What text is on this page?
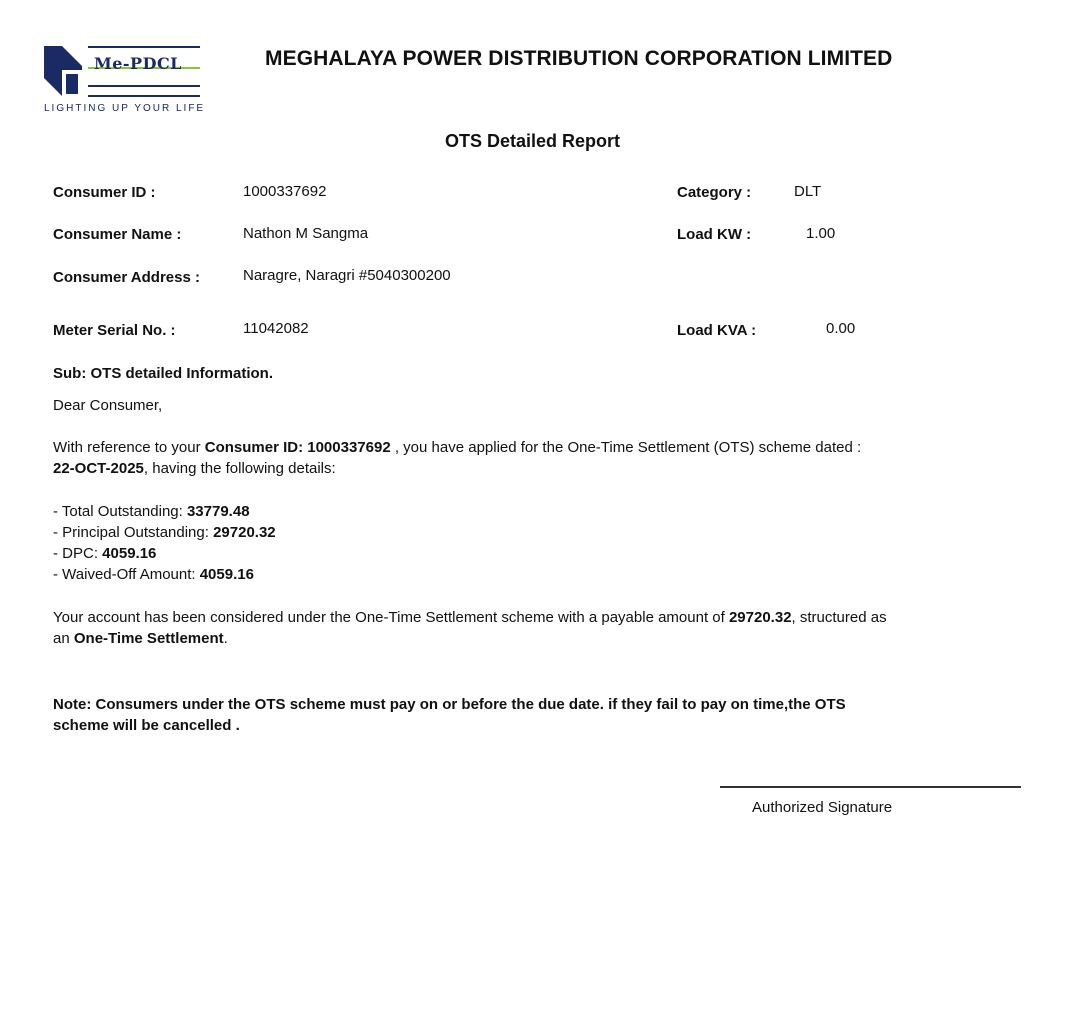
Me-PDCL
LIGHTING UP YOUR LIFE
MEGHALAYA POWER DISTRIBUTION CORPORATION LIMITED
OTS Detailed Report
Consumer ID :	1000337692
Consumer Name :	Nathon M Sangma
Consumer Address :	Naragre, Naragri #5040300200
Meter Serial No. :	11042082
Category :	DLT
Load KW :	1.00
Load KVA :	0.00
Sub: OTS detailed Information.
Dear Consumer,
With reference to your Consumer ID: 1000337692 , you have applied for the One-Time Settlement (OTS) scheme dated :
22-OCT-2025, having the following details:
- Total Outstanding: 33779.48
- Principal Outstanding: 29720.32
- DPC: 4059.16
- Waived-Off Amount: 4059.16
Your account has been considered under the One-Time Settlement scheme with a payable amount of 29720.32, structured as
an One-Time Settlement.
Note: Consumers under the OTS scheme must pay on or before the due date. if they fail to pay on time,the OTS
scheme will be cancelled .
Authorized Signature
